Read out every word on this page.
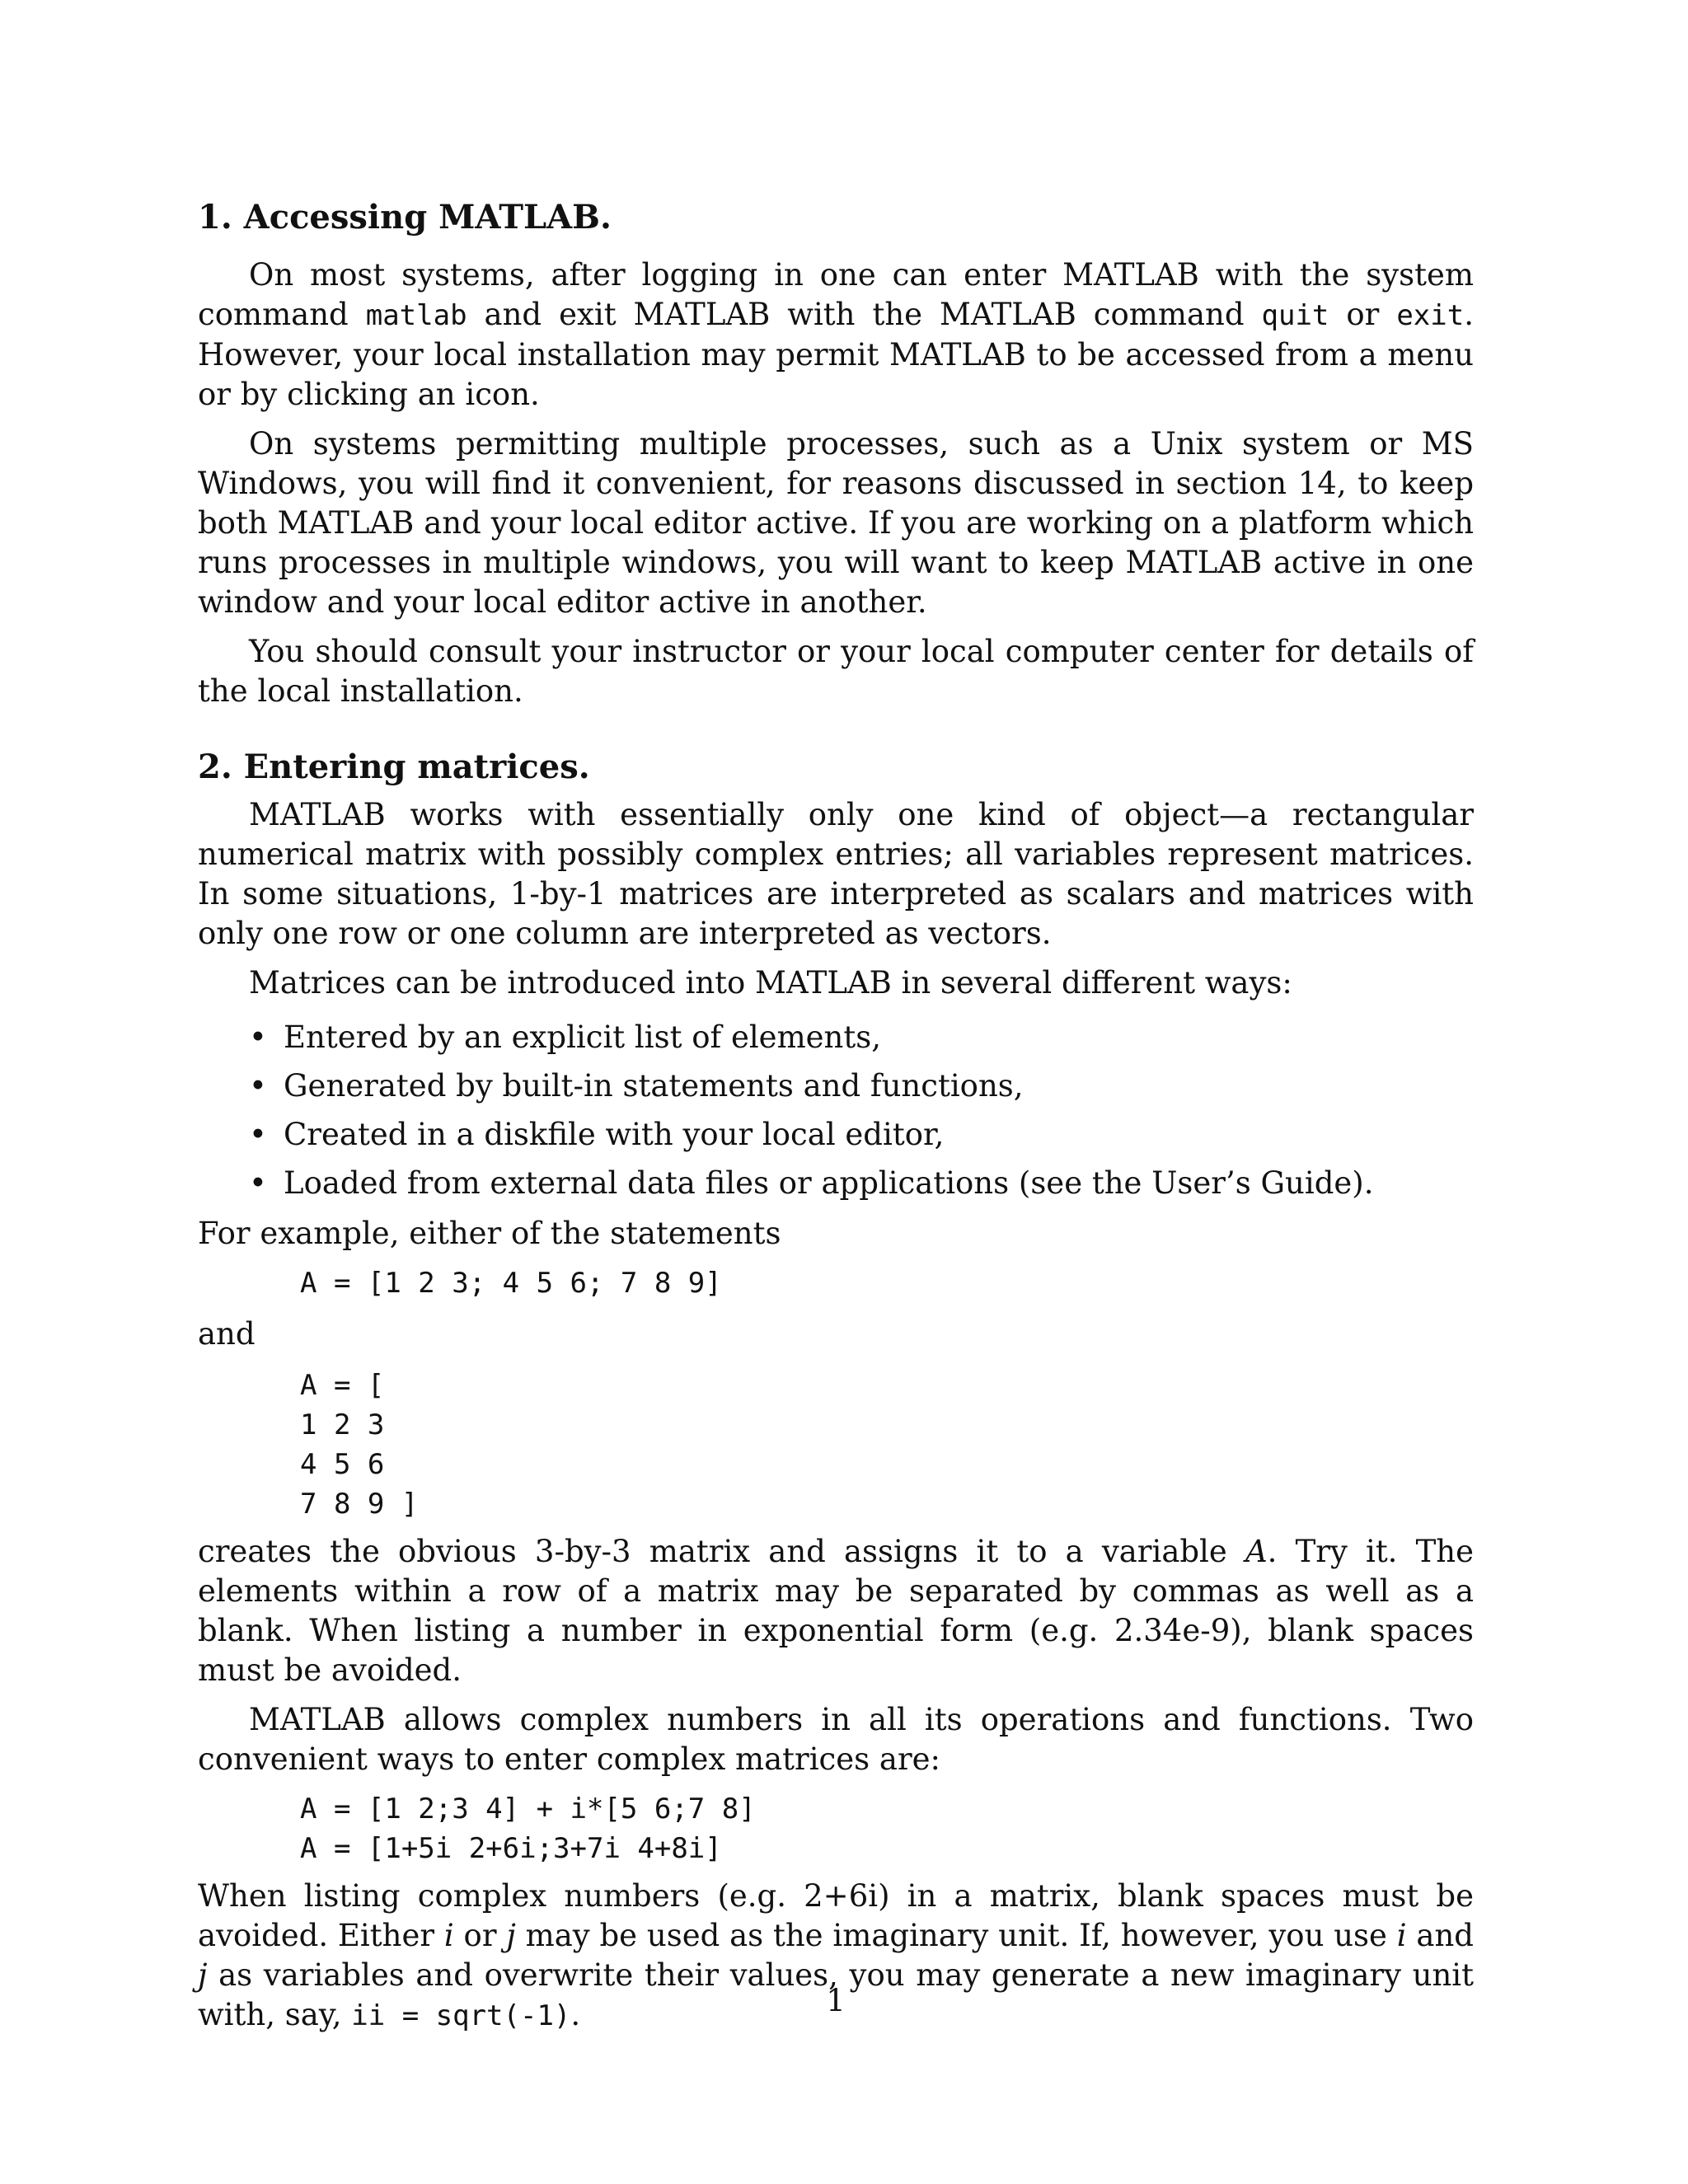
1. Accessing MATLAB.

On most systems, after logging in one can enter MATLAB with the system command matlab and exit MATLAB with the MATLAB command quit or exit. However, your local installation may permit MATLAB to be accessed from a menu or by clicking an icon.

On systems permitting multiple processes, such as a Unix system or MS Windows, you will find it convenient, for reasons discussed in section 14, to keep both MATLAB and your local editor active. If you are working on a platform which runs processes in multiple windows, you will want to keep MATLAB active in one window and your local editor active in another.

You should consult your instructor or your local computer center for details of the local installation.

2. Entering matrices.

MATLAB works with essentially only one kind of object—a rectangular numerical matrix with possibly complex entries; all variables represent matrices. In some situations, 1-by-1 matrices are interpreted as scalars and matrices with only one row or one column are interpreted as vectors.

Matrices can be introduced into MATLAB in several different ways:

• Entered by an explicit list of elements,
• Generated by built-in statements and functions,
• Created in a diskfile with your local editor,
• Loaded from external data files or applications (see the User’s Guide).

For example, either of the statements

A = [1 2 3; 4 5 6; 7 8 9]

and

A = [
1 2 3
4 5 6
7 8 9 ]

creates the obvious 3-by-3 matrix and assigns it to a variable A. Try it. The elements within a row of a matrix may be separated by commas as well as a blank. When listing a number in exponential form (e.g. 2.34e-9), blank spaces must be avoided.

MATLAB allows complex numbers in all its operations and functions. Two convenient ways to enter complex matrices are:

A = [1 2;3 4] + i*[5 6;7 8]
A = [1+5i 2+6i;3+7i 4+8i]

When listing complex numbers (e.g. 2+6i) in a matrix, blank spaces must be avoided. Either i or j may be used as the imaginary unit. If, however, you use i and j as variables and overwrite their values, you may generate a new imaginary unit with, say, ii = sqrt(-1).	1
